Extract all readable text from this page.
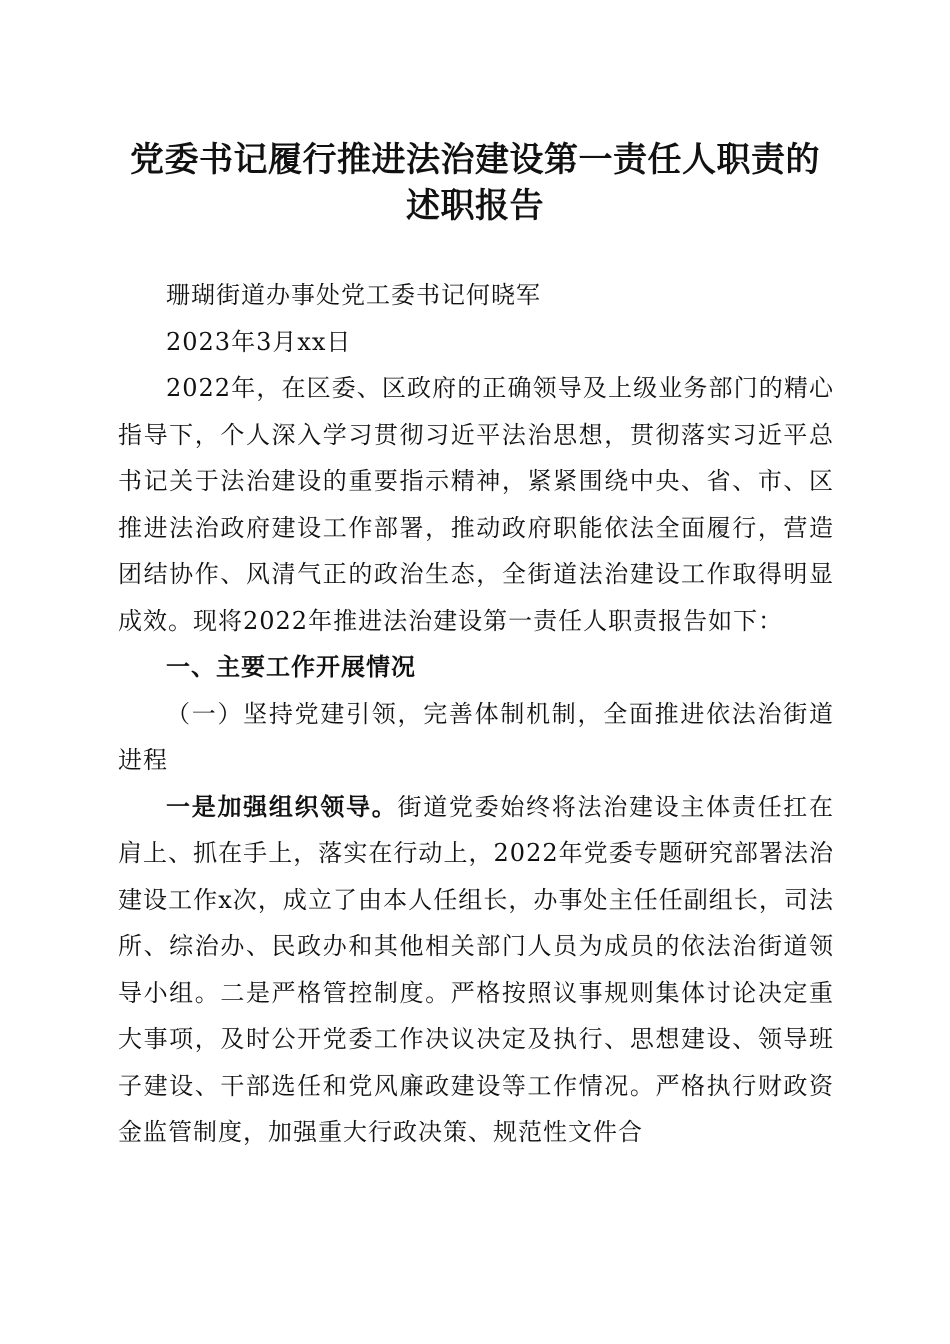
党委书记履行推进法治建设第一责任人职责的
述职报告

珊瑚街道办事处党工委书记何晓军

2023年3月xx日

2022年，在区委、区政府的正确领导及上级业务部门的精心指导下，个人深入学习贯彻习近平法治思想，贯彻落实习近平总书记关于法治建设的重要指示精神，紧紧围绕中央、省、市、区推进法治政府建设工作部署，推动政府职能依法全面履行，营造团结协作、风清气正的政治生态，全街道法治建设工作取得明显成效。现将2022年推进法治建设第一责任人职责报告如下：

一、主要工作开展情况

（一）坚持党建引领，完善体制机制，全面推进依法治街道进程

一是加强组织领导。街道党委始终将法治建设主体责任扛在肩上、抓在手上，落实在行动上，2022年党委专题研究部署法治建设工作x次，成立了由本人任组长，办事处主任任副组长，司法所、综治办、民政办和其他相关部门人员为成员的依法治街道领导小组。二是严格管控制度。严格按照议事规则集体讨论决定重大事项，及时公开党委工作决议决定及执行、思想建设、领导班子建设、干部选任和党风廉政建设等工作情况。严格执行财政资金监管制度，加强重大行政决策、规范性文件合
